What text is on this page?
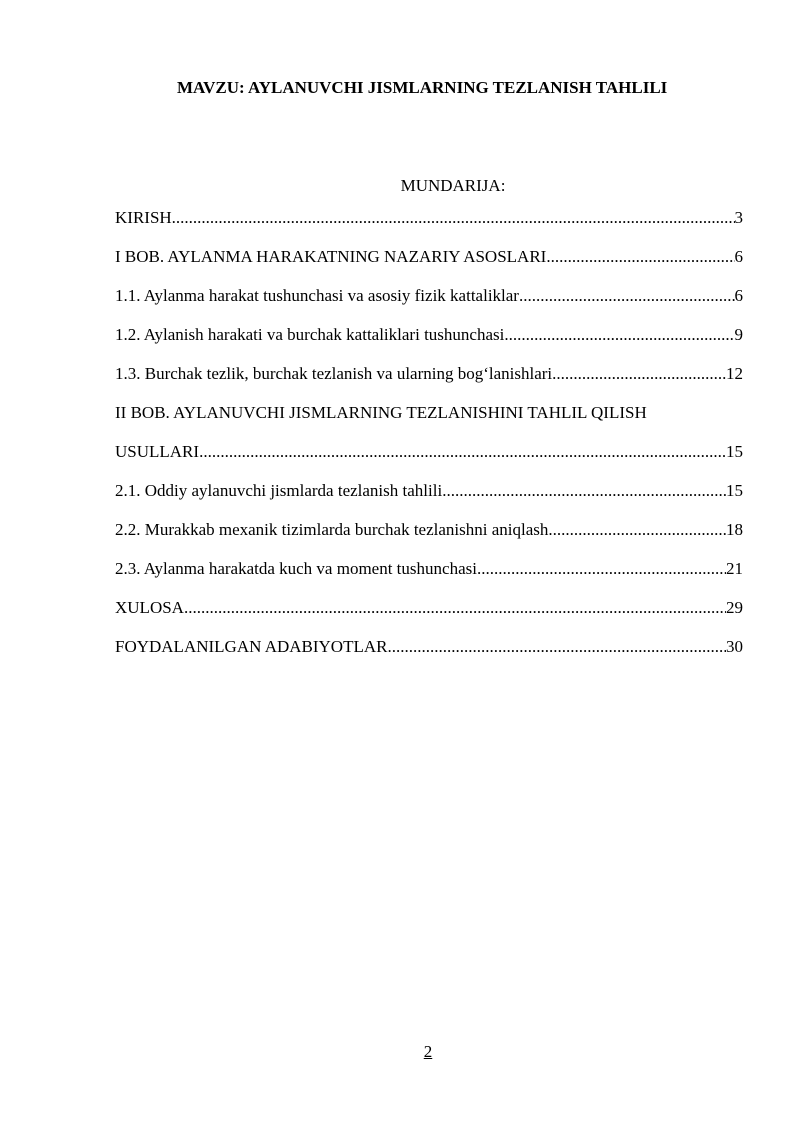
MAVZU: AYLANUVCHI JISMLARNING TEZLANISH TAHLILI
MUNDARIJA:
KIRISH .....	3
I BOB. AYLANMA HARAKATNING NAZARIY ASOSLARI .....	6
1.1. Aylanma harakat tushunchasi va asosiy fizik kattaliklar .....	6
1.2. Aylanish harakati va burchak kattaliklari tushunchasi .....	9
1.3. Burchak tezlik, burchak tezlanish va ularning bog‘lanishlari .....	12
II BOB. AYLANUVCHI JISMLARNING TEZLANISHINI TAHLIL QILISH
USULLARI .....	15
2.1. Oddiy aylanuvchi jismlarda tezlanish tahlili .....	15
2.2. Murakkab mexanik tizimlarda burchak tezlanishni aniqlash .....	18
2.3. Aylanma harakatda kuch va moment tushunchasi .....	21
XULOSA .....	29
FOYDALANILGAN ADABIYOTLAR .....	30
2
